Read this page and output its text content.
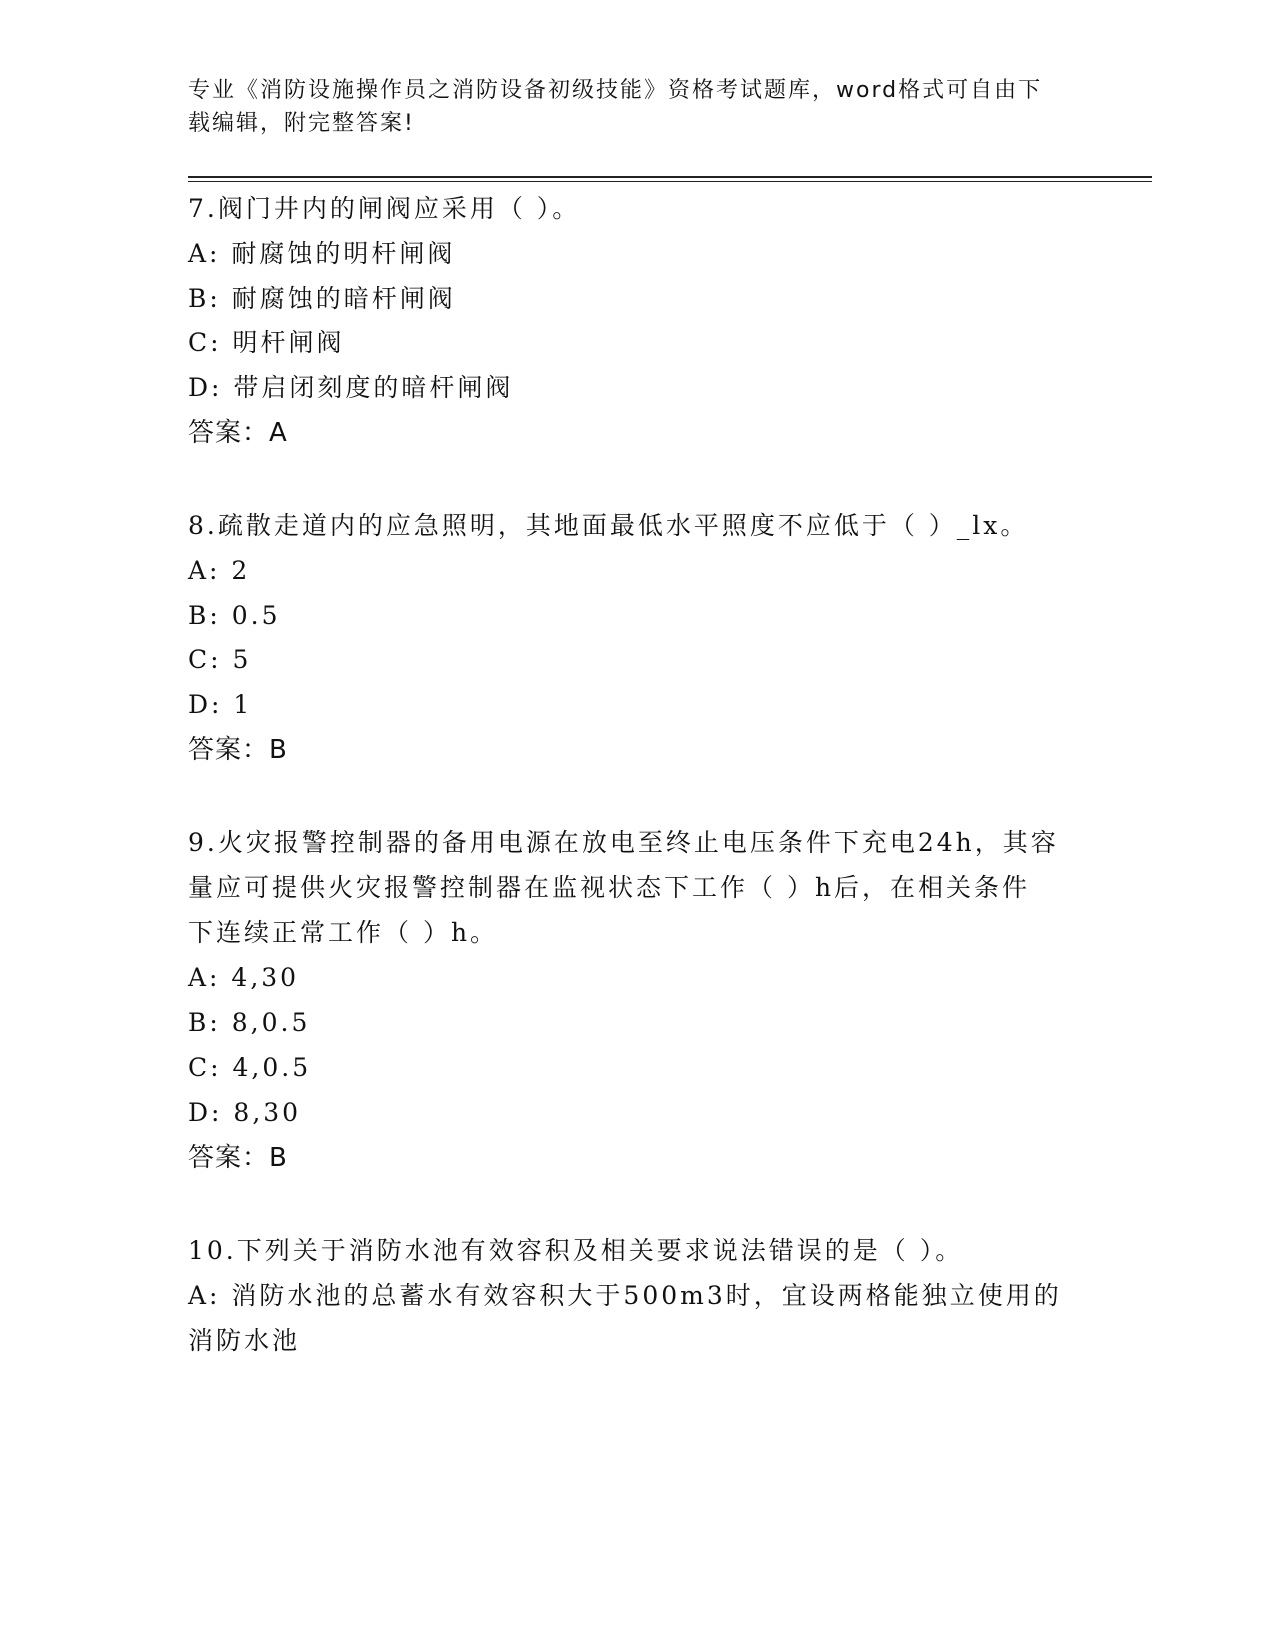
专业《消防设施操作员之消防设备初级技能》资格考试题库，word格式可自由下
载编辑，附完整答案!
7.阀门井内的闸阀应采用（ ）。
A: 耐腐蚀的明杆闸阀
B: 耐腐蚀的暗杆闸阀
C: 明杆闸阀
D: 带启闭刻度的暗杆闸阀
答案：A
8.疏散走道内的应急照明，其地面最低水平照度不应低于（ ）_lx。
A: 2
B: 0.5
C: 5
D: 1
答案：B
9.火灾报警控制器的备用电源在放电至终止电压条件下充电24h，其容
量应可提供火灾报警控制器在监视状态下工作（ ）h后，在相关条件
下连续正常工作（ ）h。
A: 4,30
B: 8,0.5
C: 4,0.5
D: 8,30
答案：B
10.下列关于消防水池有效容积及相关要求说法错误的是（ ）。
A: 消防水池的总蓄水有效容积大于500m3时，宜设两格能独立使用的
消防水池
